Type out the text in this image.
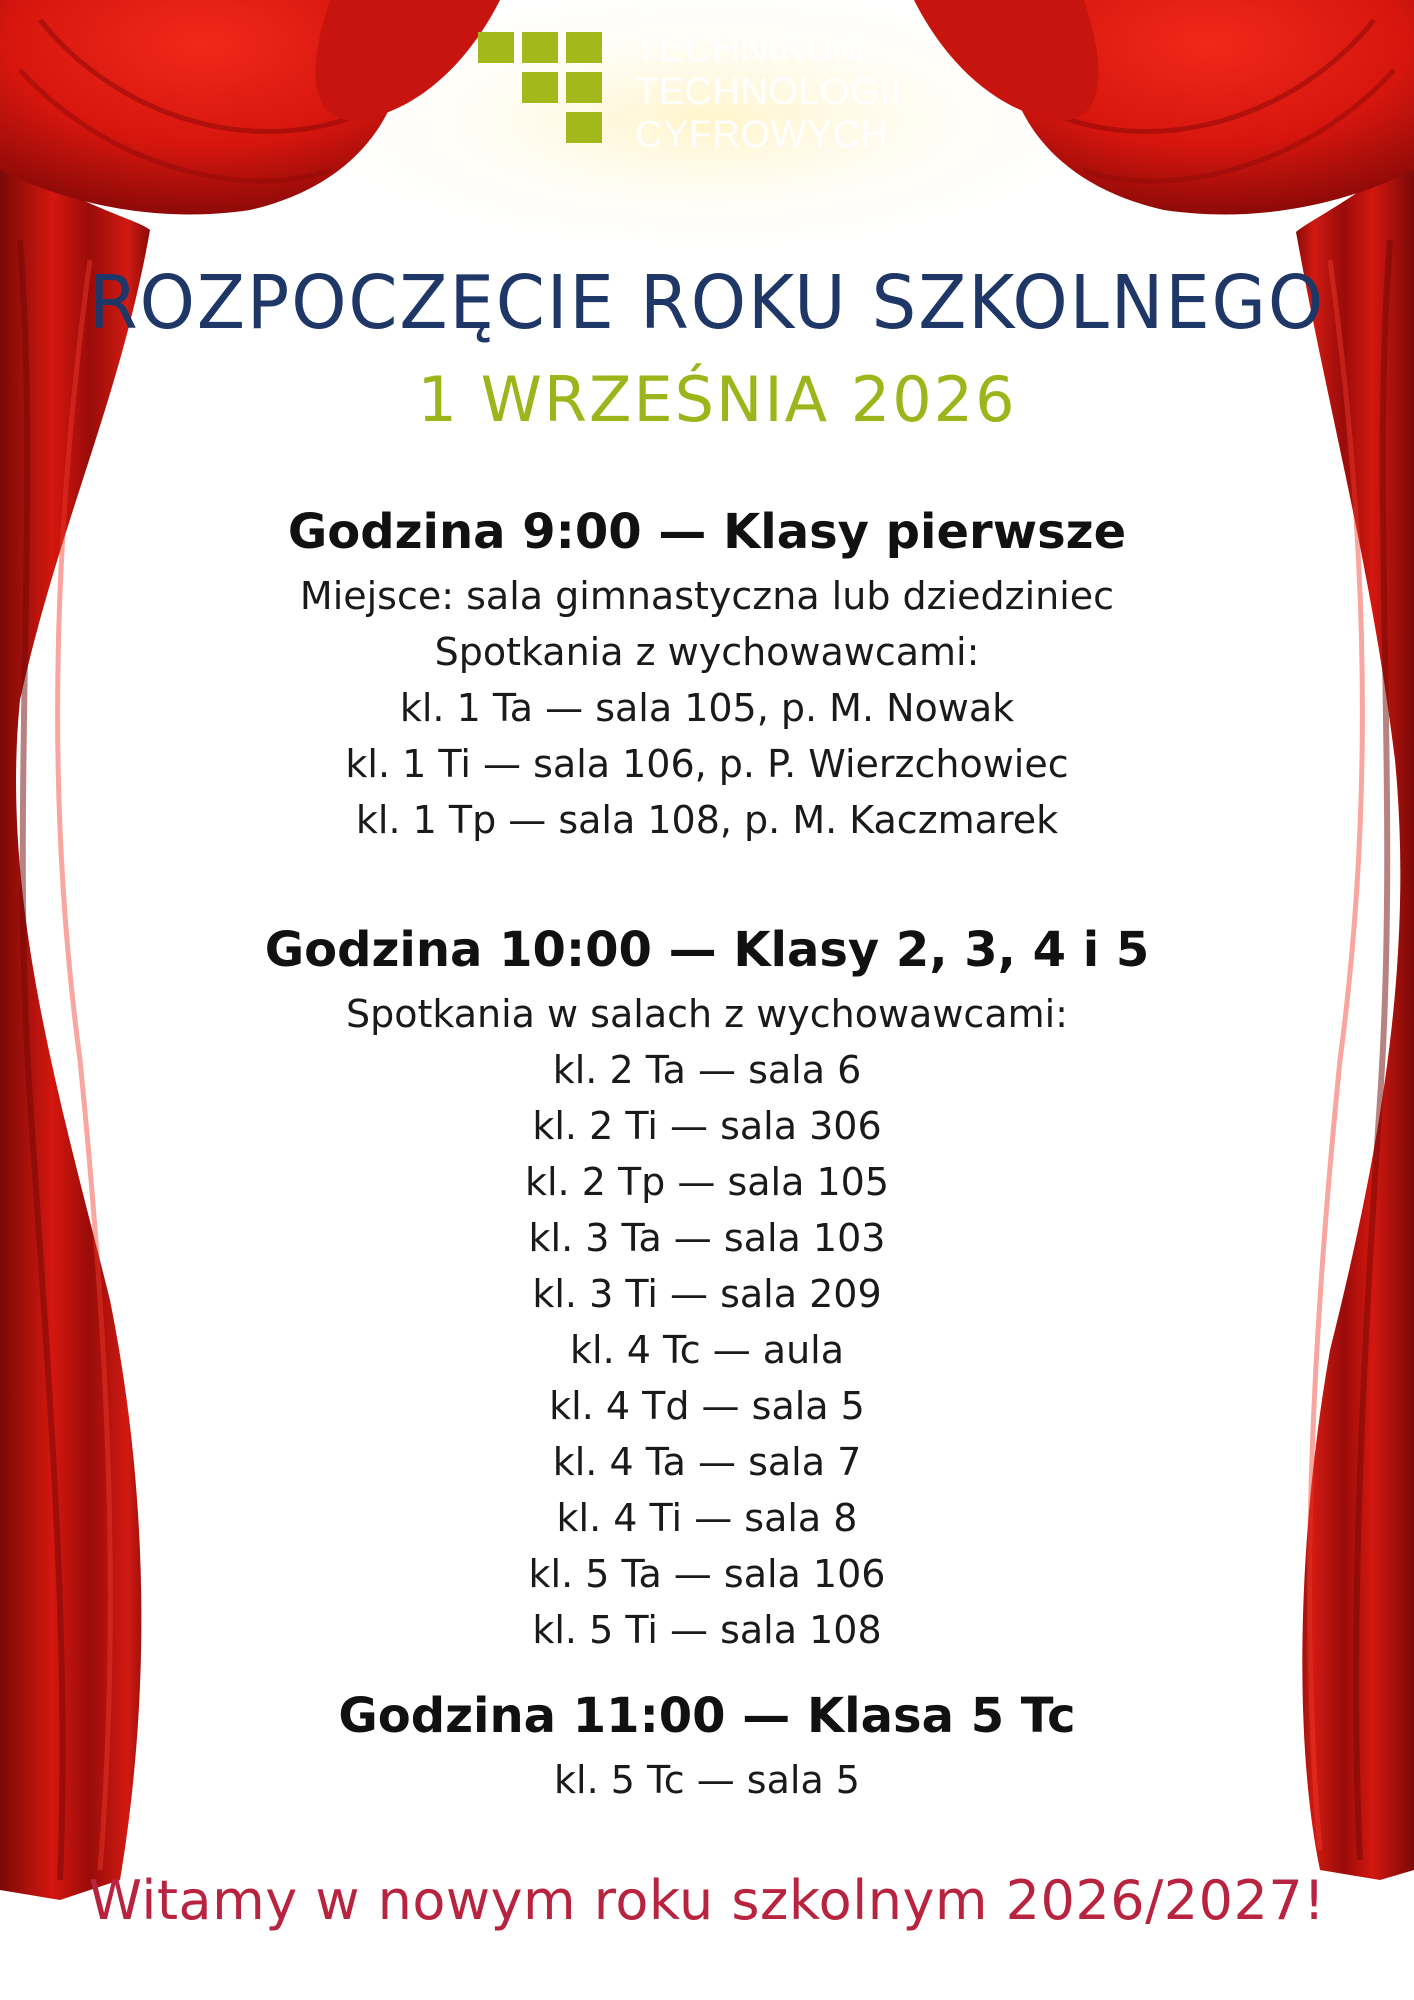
TECHNIKUM
TECHNOLOGII
CYFROWYCH
ROZPOCZĘCIE ROKU SZKOLNEGO
1 WRZEŚNIA 2026
Godzina 9:00 — Klasy pierwsze
Miejsce: sala gimnastyczna lub dziedziniec
Spotkania z wychowawcami:
kl. 1 Ta — sala 105, p. M. Nowak
kl. 1 Ti — sala 106, p. P. Wierzchowiec
kl. 1 Tp — sala 108, p. M. Kaczmarek
Godzina 10:00 — Klasy 2, 3, 4 i 5
Spotkania w salach z wychowawcami:
kl. 2 Ta — sala 6
kl. 2 Ti — sala 306
kl. 2 Tp — sala 105
kl. 3 Ta — sala 103
kl. 3 Ti — sala 209
kl. 4 Tc — aula
kl. 4 Td — sala 5
kl. 4 Ta — sala 7
kl. 4 Ti — sala 8
kl. 5 Ta — sala 106
kl. 5 Ti — sala 108
Godzina 11:00 — Klasa 5 Tc
kl. 5 Tc — sala 5
Witamy w nowym roku szkolnym 2026/2027!
